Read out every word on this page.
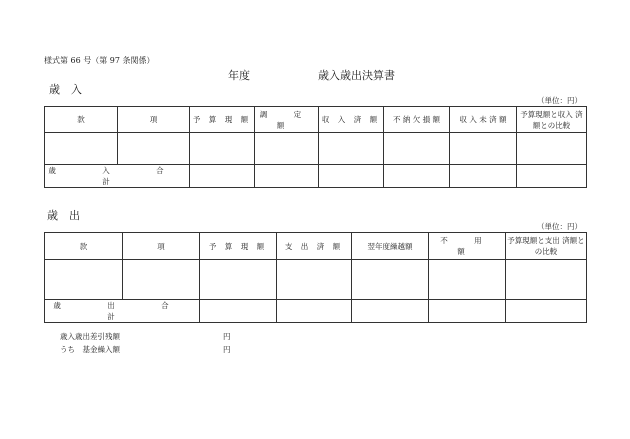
様式第 66 号（第 97 条関係）
年度	歳入歳出決算書
歳　入
（単位：円）
款	項	予 算 現 額	調 定 額	収 入 済 額	不 納 欠 損 額	収 入 未 済 額	予算現額と収入 済額との比較

歳 入 合 計							
歳　出
（単位：円）
款	項	予 算 現 額	支 出 済 額	翌年度繰越額	不 用 額	予算現額と支出 済額との比較

歳 出 合 計						
歳入歳出差引残額	円
うち　基金繰入額	円
